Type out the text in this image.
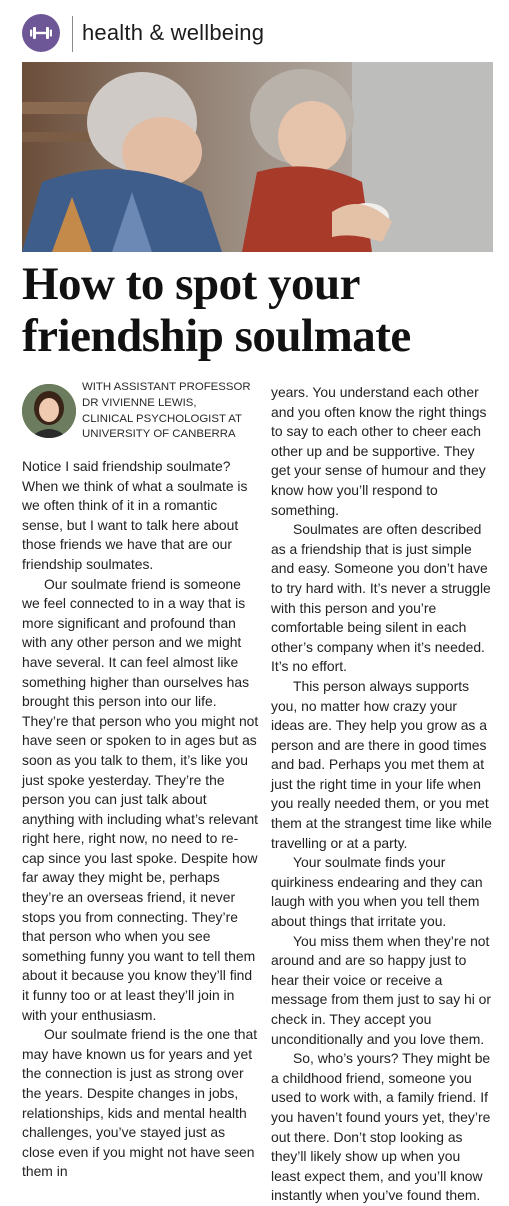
health & wellbeing
How to spot your
friendship soulmate
WITH ASSISTANT PROFESSOR
DR VIVIENNE LEWIS,
CLINICAL PSYCHOLOGIST AT
UNIVERSITY OF CANBERRA

Notice I said friendship soulmate? When we think of what a soulmate is we often think of it in a romantic sense, but I want to talk here about those friends we have that are our friendship soulmates.

Our soulmate friend is someone we feel connected to in a way that is more significant and profound than with any other person and we might have several. It can feel almost like something higher than ourselves has brought this person into our life. They’re that person who you might not have seen or spoken to in ages but as soon as you talk to them, it’s like you just spoke yesterday. They’re the person you can just talk about anything with including what’s relevant right here, right now, no need to re-cap since you last spoke. Despite how far away they might be, perhaps they’re an overseas friend, it never stops you from connecting. They’re that person who when you see something funny you want to tell them about it because you know they’ll find it funny too or at least they’ll join in with your enthusiasm.

Our soulmate friend is the one that may have known us for years and yet the connection is just as strong over the years. Despite changes in jobs, relationships, kids and mental health challenges, you’ve stayed just as close even if you might not have seen them in

years. You understand each other and you often know the right things to say to each other to cheer each other up and be supportive. They get your sense of humour and they know how you’ll respond to something.

Soulmates are often described as a friendship that is just simple and easy. Someone you don’t have to try hard with. It’s never a struggle with this person and you’re comfortable being silent in each other’s company when it’s needed. It’s no effort.

This person always supports you, no matter how crazy your ideas are. They help you grow as a person and are there in good times and bad. Perhaps you met them at just the right time in your life when you really needed them, or you met them at the strangest time like while travelling or at a party.

Your soulmate finds your quirkiness endearing and they can laugh with you when you tell them about things that irritate you.

You miss them when they’re not around and are so happy just to hear their voice or receive a message from them just to say hi or check in. They accept you unconditionally and you love them.

So, who’s yours? They might be a childhood friend, someone you used to work with, a family friend. If you haven’t found yours yet, they’re out there. Don’t stop looking as they’ll likely show up when you least expect them, and you’ll know instantly when you’ve found them.
